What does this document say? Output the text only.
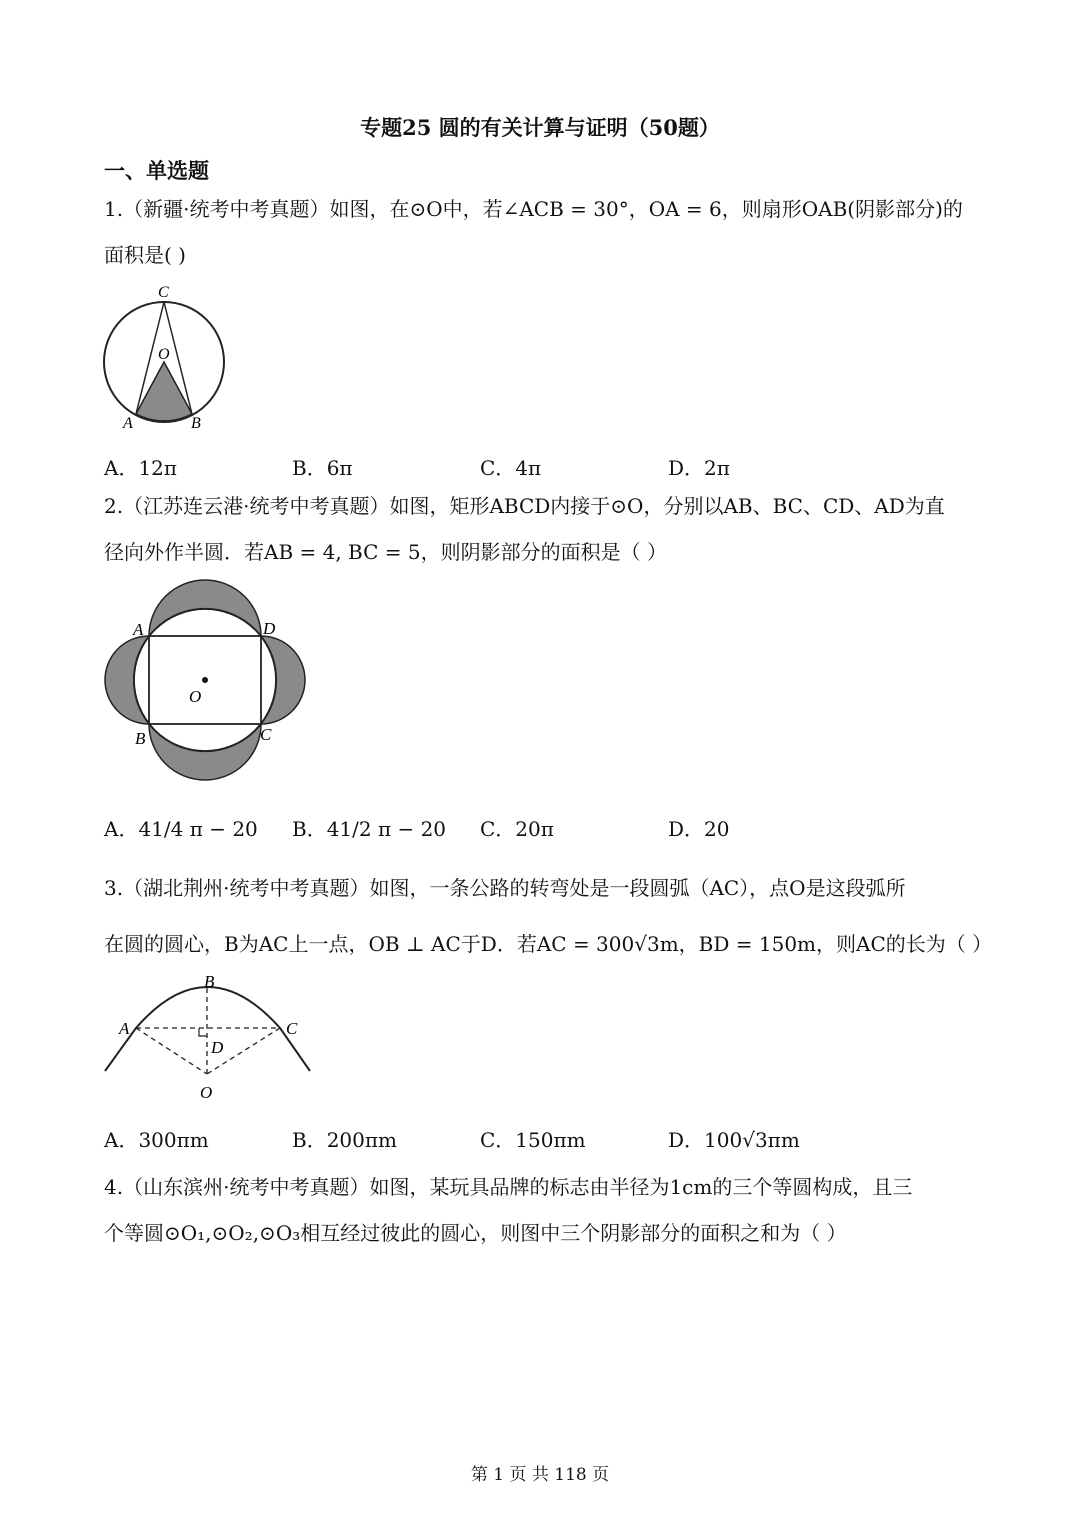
专题25 圆的有关计算与证明（50题）
一、单选题
1.（新疆·统考中考真题）如图，在⊙O中，若∠ACB = 30°，OA = 6，则扇形OAB(阴影部分)的
面积是( )
C
O
A	B
A．12π	B．6π	C．4π	D．2π
2.（江苏连云港·统考中考真题）如图，矩形ABCD内接于⊙O，分别以AB、BC、CD、AD为直
径向外作半圆．若AB = 4, BC = 5，则阴影部分的面积是（ ）
A	D
O
B	C
A．41/4 π − 20 B．41/2 π − 20 C．20π	D．20
3.（湖北荆州·统考中考真题）如图，一条公路的转弯处是一段圆弧（AC），点O是这段弧所
在圆的圆心，B为AC上一点，OB ⊥ AC于D．若AC = 300√3m，BD = 150m，则AC的长为（ ）
B
A	C
D
O
A．300πm	B．200πm	C．150πm	D．100√3πm
4.（山东滨州·统考中考真题）如图，某玩具品牌的标志由半径为1cm的三个等圆构成，且三
个等圆⊙O₁,⊙O₂,⊙O₃相互经过彼此的圆心，则图中三个阴影部分的面积之和为（ ）
第 1 页 共 118 页
